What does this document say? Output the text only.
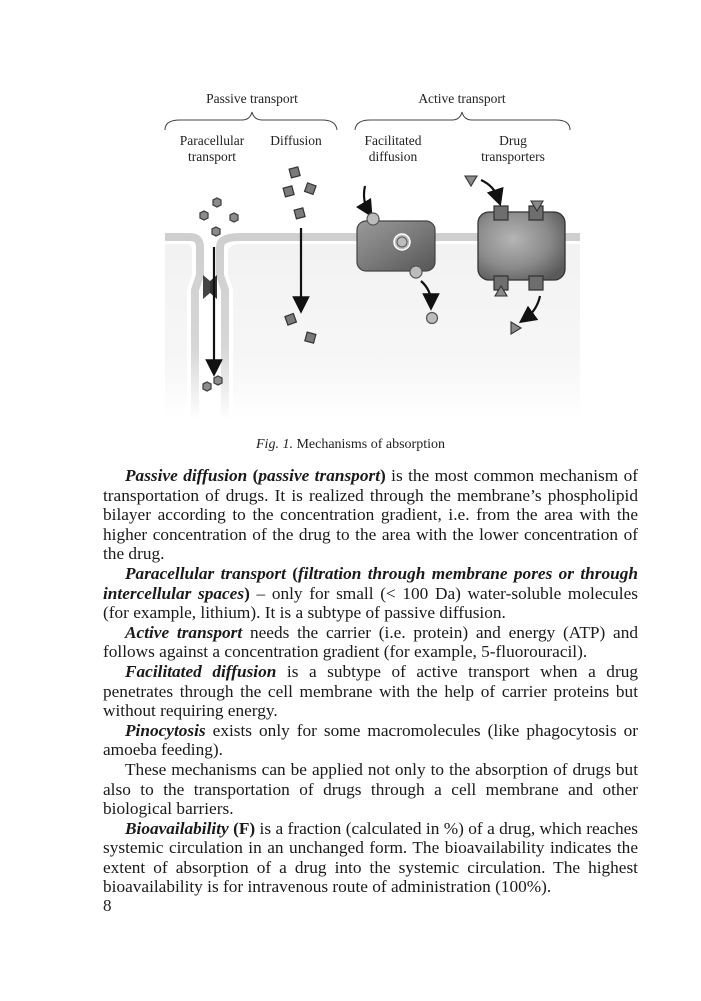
Passive transport	Active transport
Paracellular
transport
Diffusion	Facilitated
diffusion
Drug
transporters
Fig. 1. Mechanisms of absorption

Passive diffusion (passive transport) is the most common mechanism of transportation of drugs. It is realized through the membrane’s phospholipid bilayer according to the concentration gradient, i.e. from the area with the higher concentration of the drug to the area with the lower concentration of the drug.

Paracellular transport (filtration through membrane pores or through intercellular spaces) – only for small (< 100 Da) water-soluble molecules (for example, lithium). It is a subtype of passive diffusion.

Active transport needs the carrier (i.e. protein) and energy (ATP) and follows against a concentration gradient (for example, 5-fluorouracil).

Facilitated diffusion is a subtype of active transport when a drug penetrates through the cell membrane with the help of carrier proteins but without requiring energy.

Pinocytosis exists only for some macromolecules (like phagocytosis or amoeba feeding).

These mechanisms can be applied not only to the absorption of drugs but also to the transportation of drugs through a cell membrane and other biological barriers.

Bioavailability (F) is a fraction (calculated in %) of a drug, which reaches systemic circulation in an unchanged form. The bioavailability indicates the extent of absorption of a drug into the systemic circulation. The highest bioavailability is for intravenous route of administration (100%).

8
